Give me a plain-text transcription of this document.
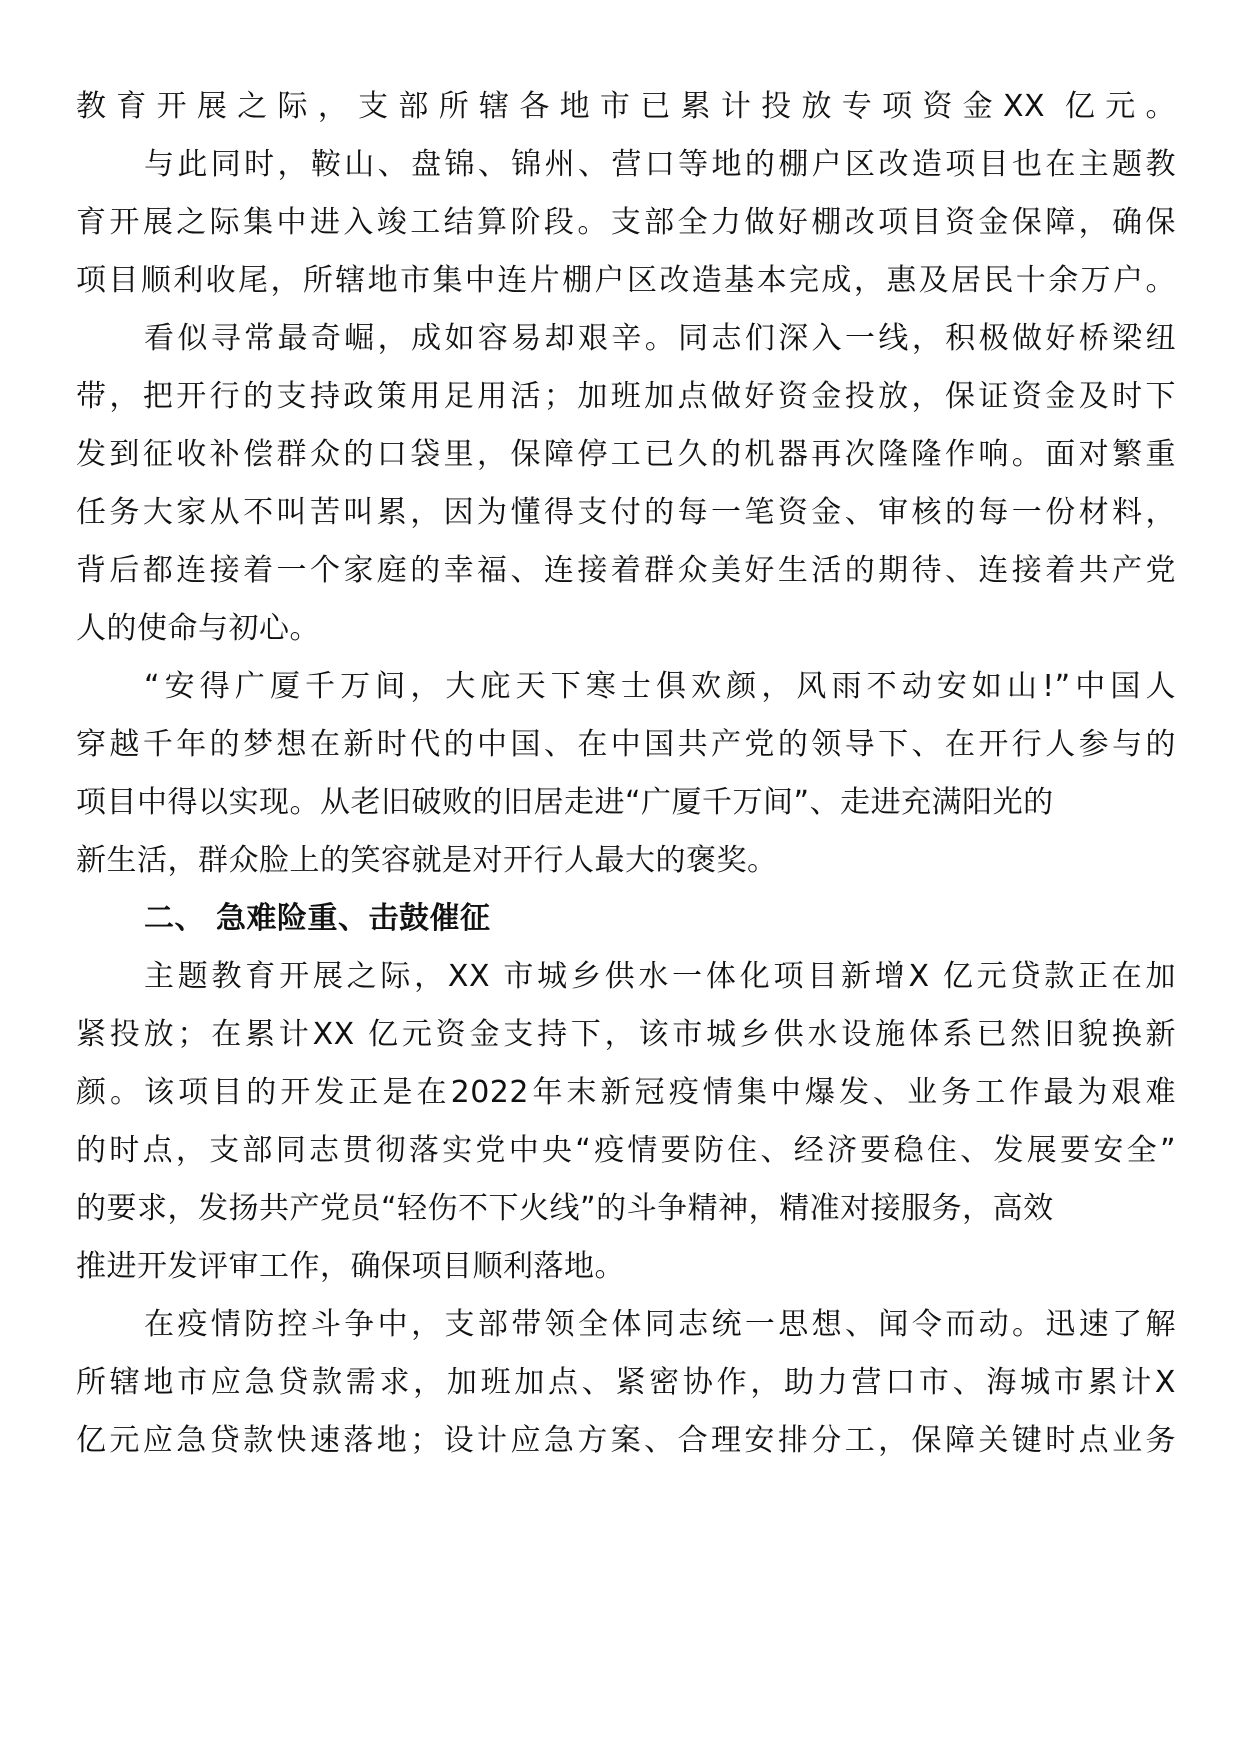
教育开展之际，支部所辖各地市已累计投放专项资金XX 亿元。
与此同时，鞍山、盘锦、锦州、营口等地的棚户区改造项目也在主题教
育开展之际集中进入竣工结算阶段。支部全力做好棚改项目资金保障，确保
项目顺利收尾，所辖地市集中连片棚户区改造基本完成，惠及居民十余万户。
看似寻常最奇崛，成如容易却艰辛。同志们深入一线，积极做好桥梁纽
带，把开行的支持政策用足用活；加班加点做好资金投放，保证资金及时下
发到征收补偿群众的口袋里，保障停工已久的机器再次隆隆作响。面对繁重
任务大家从不叫苦叫累，因为懂得支付的每一笔资金、审核的每一份材料，
背后都连接着一个家庭的幸福、连接着群众美好生活的期待、连接着共产党
人的使命与初心。
“安得广厦千万间，大庇天下寒士俱欢颜，风雨不动安如山!”中国人
穿越千年的梦想在新时代的中国、在中国共产党的领导下、在开行人参与的
项目中得以实现。从老旧破败的旧居走进“广厦千万间”、走进充满阳光的
新生活，群众脸上的笑容就是对开行人最大的褒奖。
二、 急难险重、击鼓催征
主题教育开展之际，XX 市城乡供水一体化项目新增X 亿元贷款正在加
紧投放；在累计XX 亿元资金支持下，该市城乡供水设施体系已然旧貌换新
颜。该项目的开发正是在2022年末新冠疫情集中爆发、业务工作最为艰难
的时点，支部同志贯彻落实党中央“疫情要防住、经济要稳住、发展要安全”
的要求，发扬共产党员“轻伤不下火线”的斗争精神，精准对接服务，高效
推进开发评审工作，确保项目顺利落地。
在疫情防控斗争中，支部带领全体同志统一思想、闻令而动。迅速了解
所辖地市应急贷款需求，加班加点、紧密协作，助力营口市、海城市累计X
亿元应急贷款快速落地；设计应急方案、合理安排分工，保障关键时点业务
